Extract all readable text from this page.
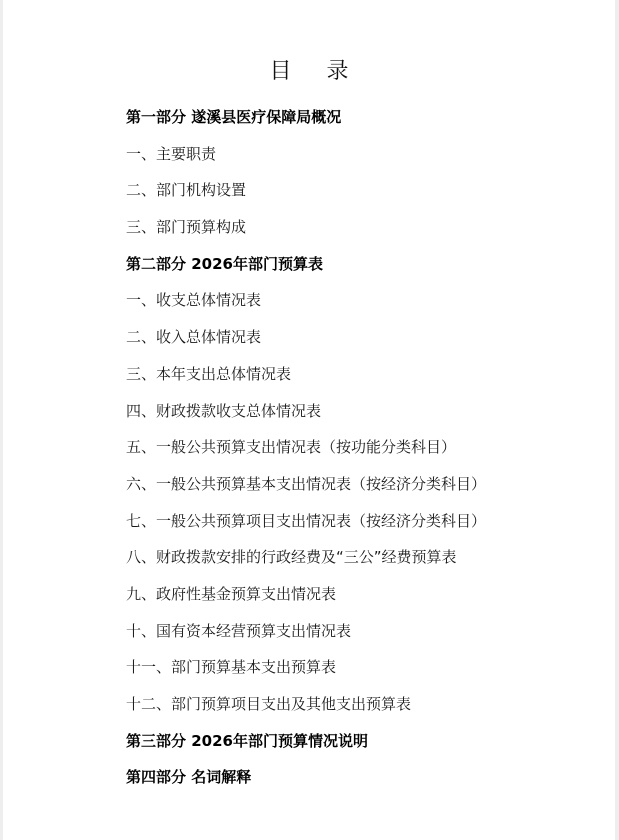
目 录
第一部分 遂溪县医疗保障局概况
一、主要职责
二、部门机构设置
三、部门预算构成
第二部分 2026年部门预算表
一、收支总体情况表
二、收入总体情况表
三、本年支出总体情况表
四、财政拨款收支总体情况表
五、一般公共预算支出情况表（按功能分类科目）
六、一般公共预算基本支出情况表（按经济分类科目）
七、一般公共预算项目支出情况表（按经济分类科目）
八、财政拨款安排的行政经费及“三公”经费预算表
九、政府性基金预算支出情况表
十、国有资本经营预算支出情况表
十一、部门预算基本支出预算表
十二、部门预算项目支出及其他支出预算表
第三部分 2026年部门预算情况说明
第四部分 名词解释
